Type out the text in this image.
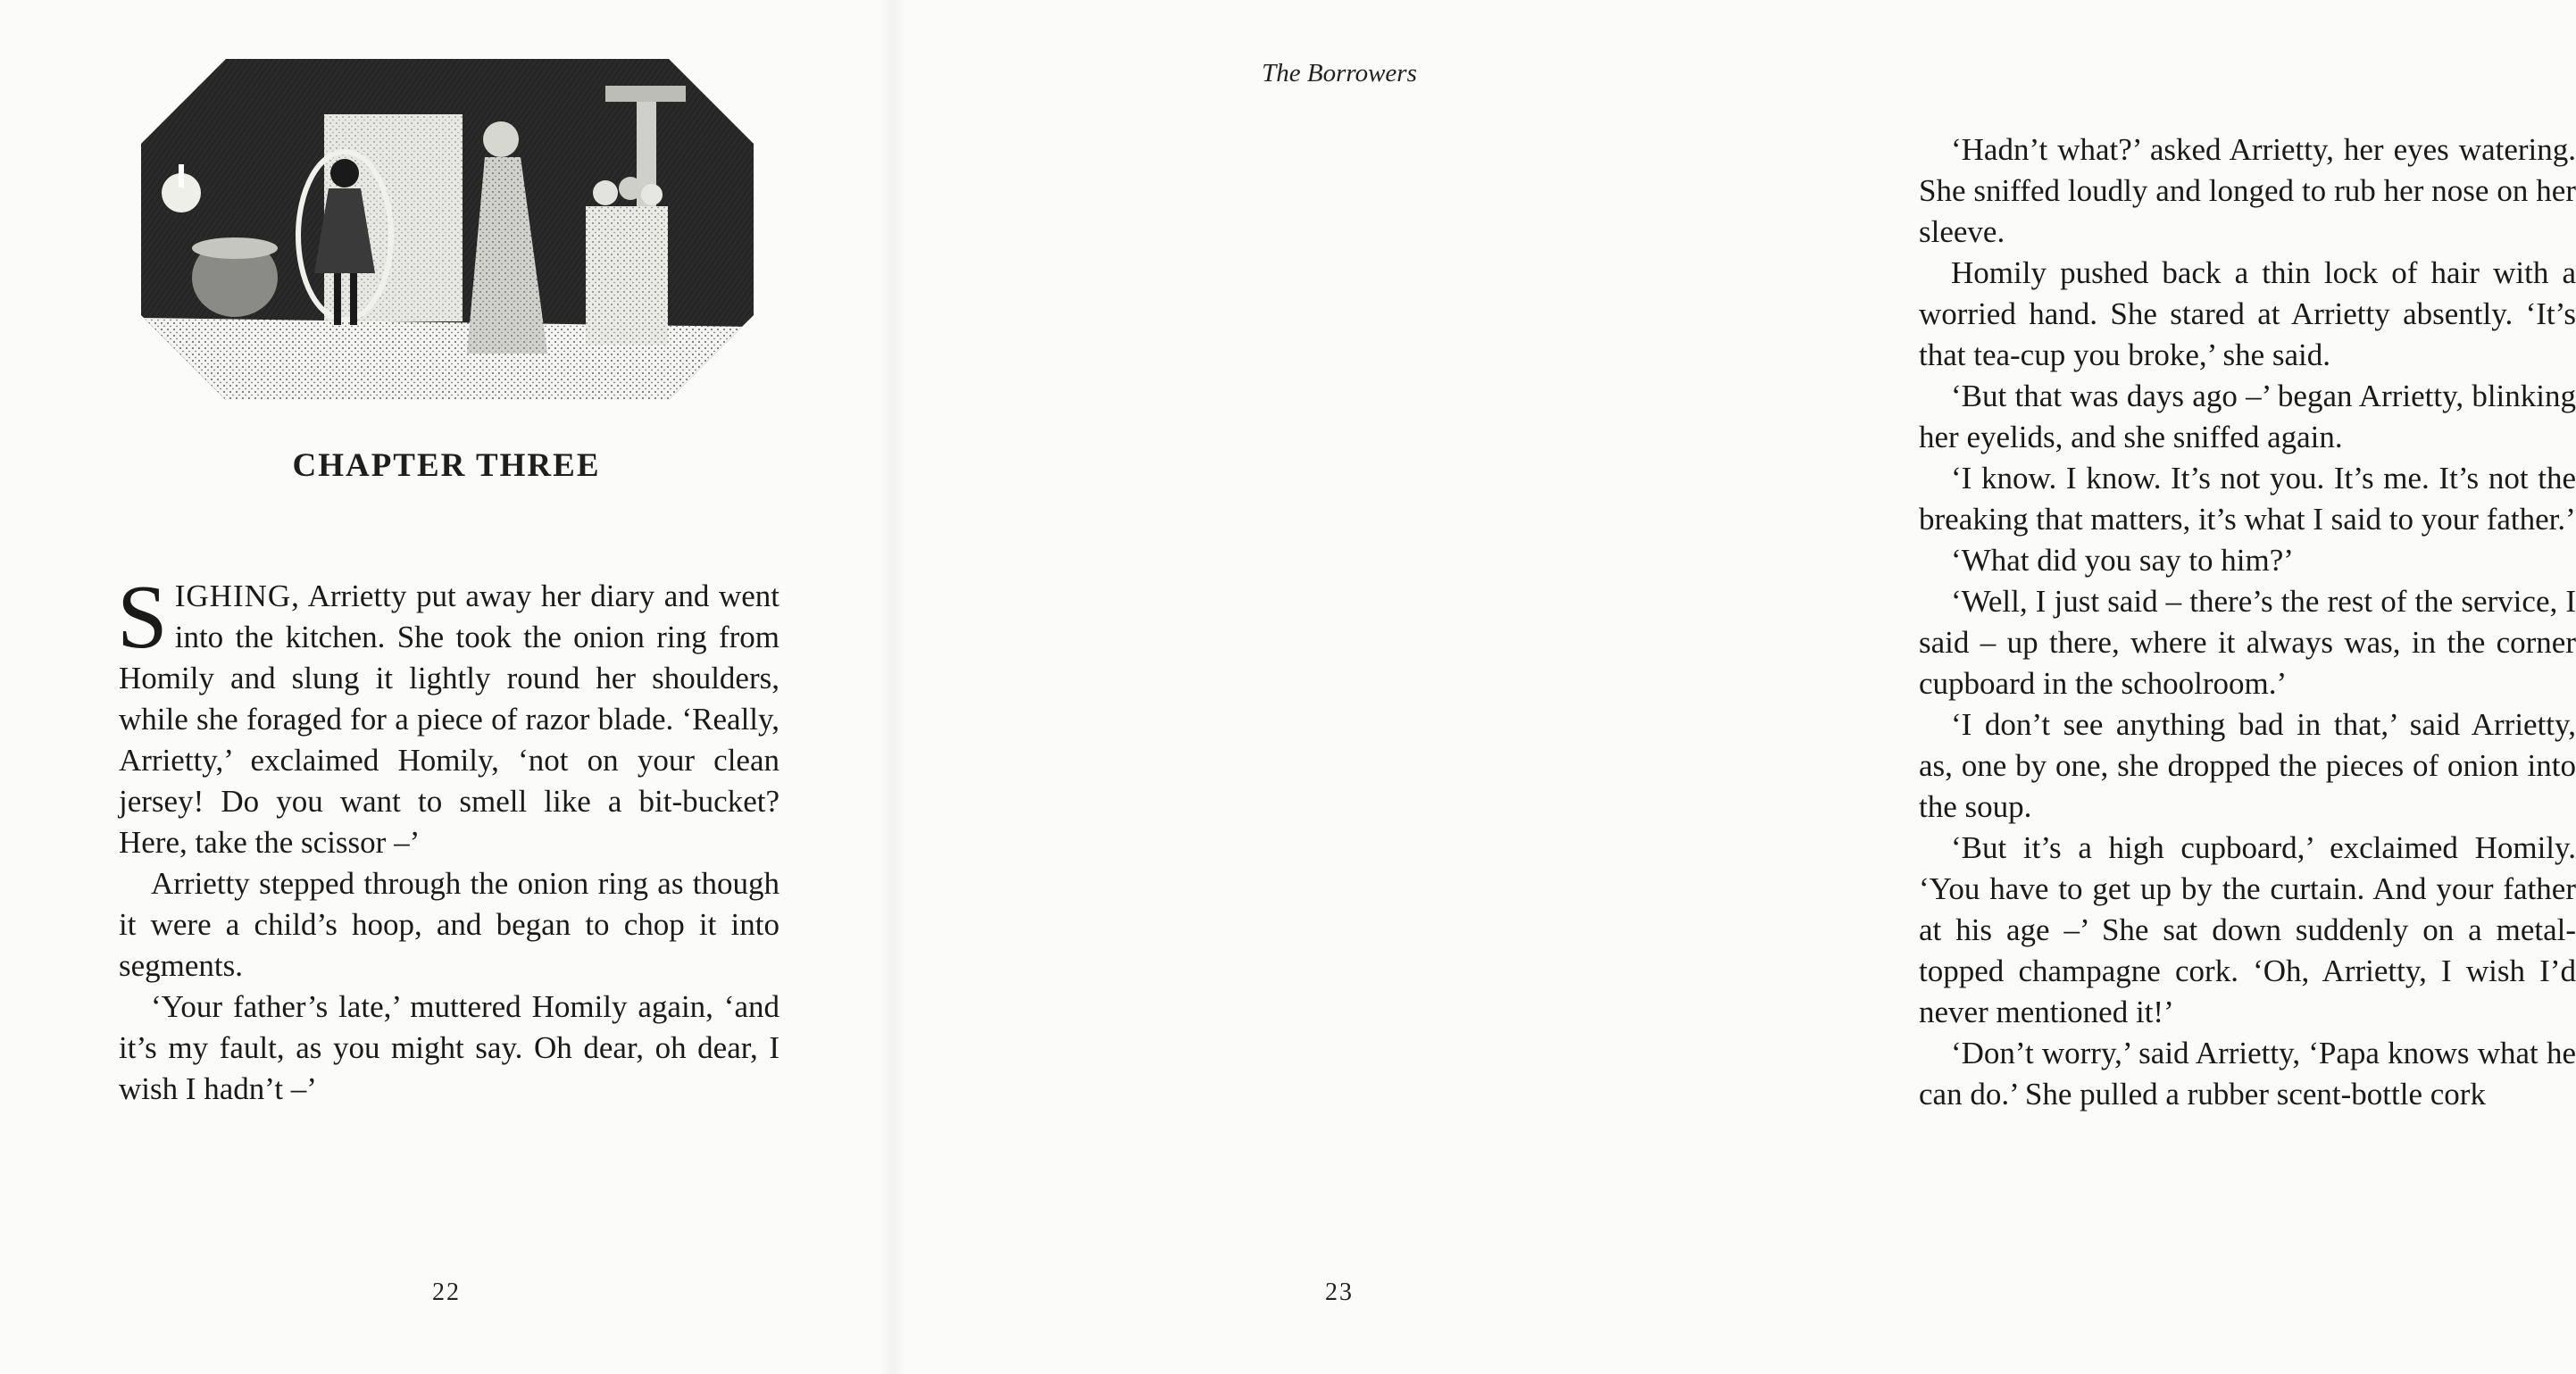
CHAPTER THREE

SIGHING, Arrietty put away her diary and went into the kitchen. She took the onion ring from Homily and slung it lightly round her shoulders, while she foraged for a piece of razor blade. ‘Really, Arrietty,’ exclaimed Homily, ‘not on your clean jersey! Do you want to smell like a bit-bucket? Here, take the scissor –’

Arrietty stepped through the onion ring as though it were a child’s hoop, and began to chop it into segments.

‘Your father’s late,’ muttered Homily again, ‘and it’s my fault, as you might say. Oh dear, oh dear, I wish I hadn’t –’

22

The Borrowers

‘Hadn’t what?’ asked Arrietty, her eyes watering. She sniffed loudly and longed to rub her nose on her sleeve.

Homily pushed back a thin lock of hair with a worried hand. She stared at Arrietty absently. ‘It’s that tea-cup you broke,’ she said.

‘But that was days ago –’ began Arrietty, blinking her eyelids, and she sniffed again.

‘I know. I know. It’s not you. It’s me. It’s not the breaking that matters, it’s what I said to your father.’

‘What did you say to him?’

‘Well, I just said – there’s the rest of the service, I said – up there, where it always was, in the corner cupboard in the schoolroom.’

‘I don’t see anything bad in that,’ said Arrietty, as, one by one, she dropped the pieces of onion into the soup.

‘But it’s a high cupboard,’ exclaimed Homily. ‘You have to get up by the curtain. And your father at his age –’ She sat down suddenly on a metal-topped champagne cork. ‘Oh, Arrietty, I wish I’d never mentioned it!’

‘Don’t worry,’ said Arrietty, ‘Papa knows what he can do.’ She pulled a rubber scent-bottle cork

23
